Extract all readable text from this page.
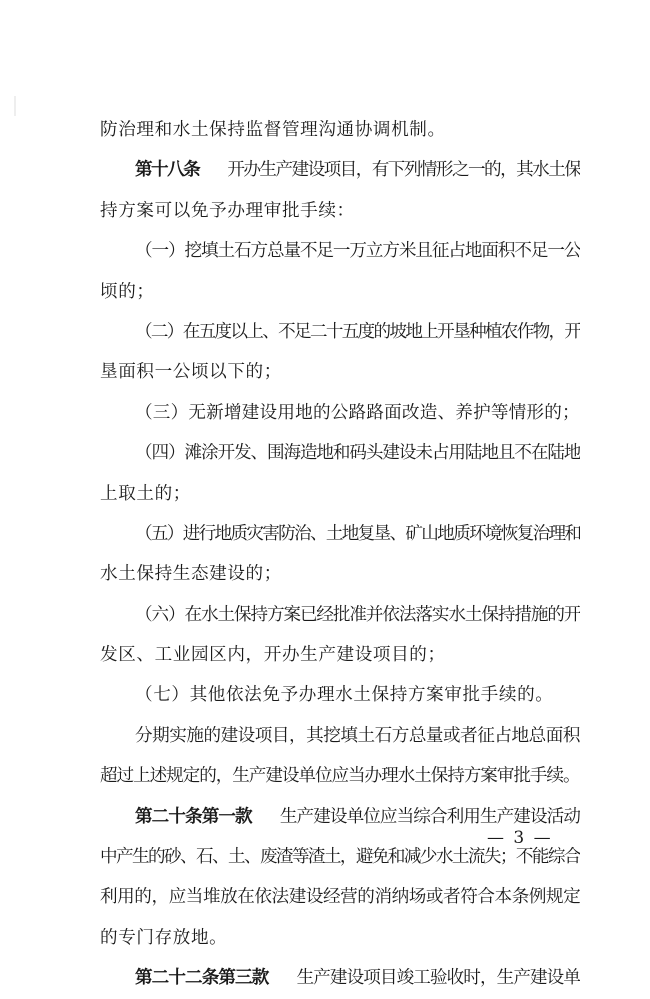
防治理和水土保持监督管理沟通协调机制。
第十八条 开办生产建设项目，有下列情形之一的，其水土保
持方案可以免予办理审批手续：
（一）挖填土石方总量不足一万立方米且征占地面积不足一公
顷的；
（二）在五度以上、不足二十五度的坡地上开垦种植农作物，开
垦面积一公顷以下的；
（三）无新增建设用地的公路路面改造、养护等情形的；
（四）滩涂开发、围海造地和码头建设未占用陆地且不在陆地
上取土的；
（五）进行地质灾害防治、土地复垦、矿山地质环境恢复治理和
水土保持生态建设的；
（六）在水土保持方案已经批准并依法落实水土保持措施的开
发区、工业园区内，开办生产建设项目的；
（七）其他依法免予办理水土保持方案审批手续的。
分期实施的建设项目，其挖填土石方总量或者征占地总面积
超过上述规定的，生产建设单位应当办理水土保持方案审批手续。
第二十条第一款 生产建设单位应当综合利用生产建设活动
中产生的砂、石、土、废渣等渣土，避免和减少水土流失；不能综合
利用的，应当堆放在依法建设经营的消纳场或者符合本条例规定
的专门存放地。
第二十二条第三款 生产建设项目竣工验收时，生产建设单
— 3 —
